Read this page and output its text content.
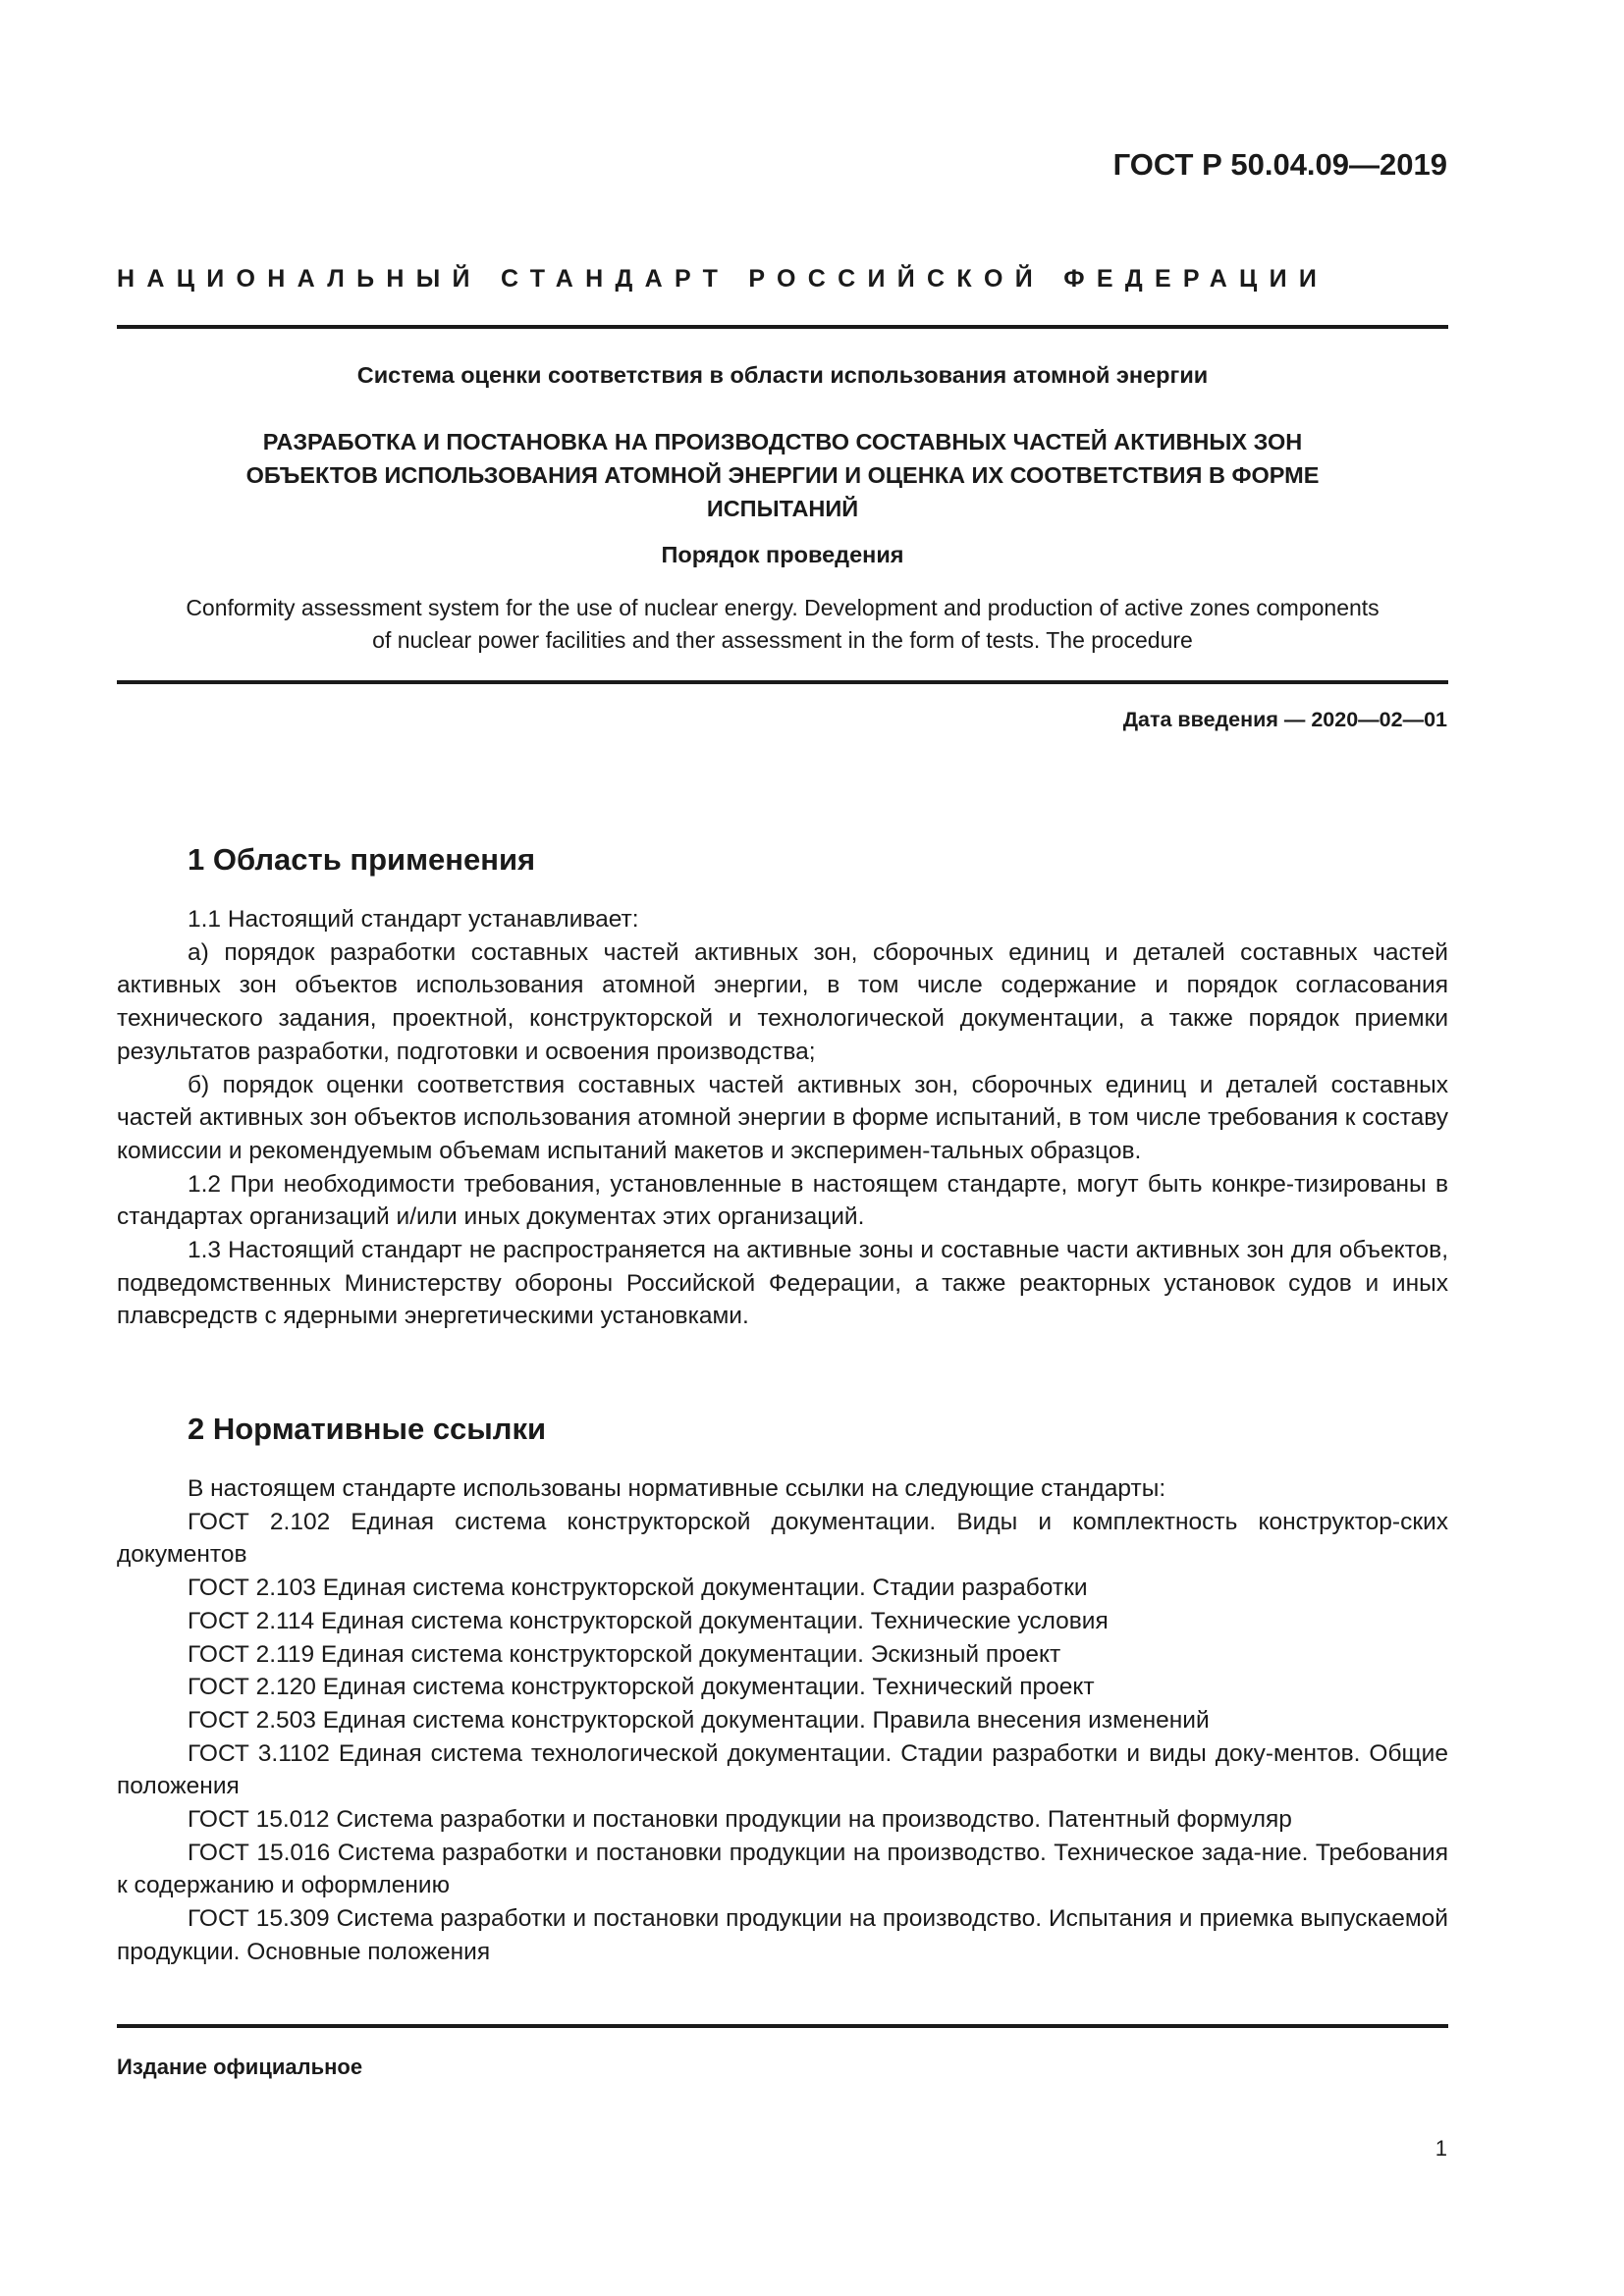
ГОСТ Р 50.04.09—2019
НАЦИОНАЛЬНЫЙ СТАНДАРТ РОССИЙСКОЙ ФЕДЕРАЦИИ
Система оценки соответствия в области использования атомной энергии
РАЗРАБОТКА И ПОСТАНОВКА НА ПРОИЗВОДСТВО СОСТАВНЫХ ЧАСТЕЙ АКТИВНЫХ ЗОН
ОБЪЕКТОВ ИСПОЛЬЗОВАНИЯ АТОМНОЙ ЭНЕРГИИ И ОЦЕНКА ИХ СООТВЕТСТВИЯ В ФОРМЕ
ИСПЫТАНИЙ
Порядок проведения
Conformity assessment system for the use of nuclear energy. Development and production of active zones components
of nuclear power facilities and ther assessment in the form of tests. The procedure
Дата введения — 2020—02—01
1 Область применения

1.1 Настоящий стандарт устанавливает:

а) порядок разработки составных частей активных зон, сборочных единиц и деталей составных частей активных зон объектов использования атомной энергии, в том числе содержание и порядок согласования технического задания, проектной, конструкторской и технологической документации, а также порядок приемки результатов разработки, подготовки и освоения производства;

б) порядок оценки соответствия составных частей активных зон, сборочных единиц и деталей составных частей активных зон объектов использования атомной энергии в форме испытаний, в том числе требования к составу комиссии и рекомендуемым объемам испытаний макетов и эксперимен-тальных образцов.

1.2 При необходимости требования, установленные в настоящем стандарте, могут быть конкре-тизированы в стандартах организаций и/или иных документах этих организаций.

1.3 Настоящий стандарт не распространяется на активные зоны и составные части активных зон для объектов, подведомственных Министерству обороны Российской Федерации, а также реакторных установок судов и иных плавсредств с ядерными энергетическими установками.

2 Нормативные ссылки

В настоящем стандарте использованы нормативные ссылки на следующие стандарты:

ГОСТ 2.102 Единая система конструкторской документации. Виды и комплектность конструктор-ских документов

ГОСТ 2.103 Единая система конструкторской документации. Стадии разработки

ГОСТ 2.114 Единая система конструкторской документации. Технические условия

ГОСТ 2.119 Единая система конструкторской документации. Эскизный проект

ГОСТ 2.120 Единая система конструкторской документации. Технический проект

ГОСТ 2.503 Единая система конструкторской документации. Правила внесения изменений

ГОСТ 3.1102 Единая система технологической документации. Стадии разработки и виды доку-ментов. Общие положения

ГОСТ 15.012 Система разработки и постановки продукции на производство. Патентный формуляр

ГОСТ 15.016 Система разработки и постановки продукции на производство. Техническое зада-ние. Требования к содержанию и оформлению

ГОСТ 15.309 Система разработки и постановки продукции на производство. Испытания и приемка выпускаемой продукции. Основные положения

Издание официальное
1
